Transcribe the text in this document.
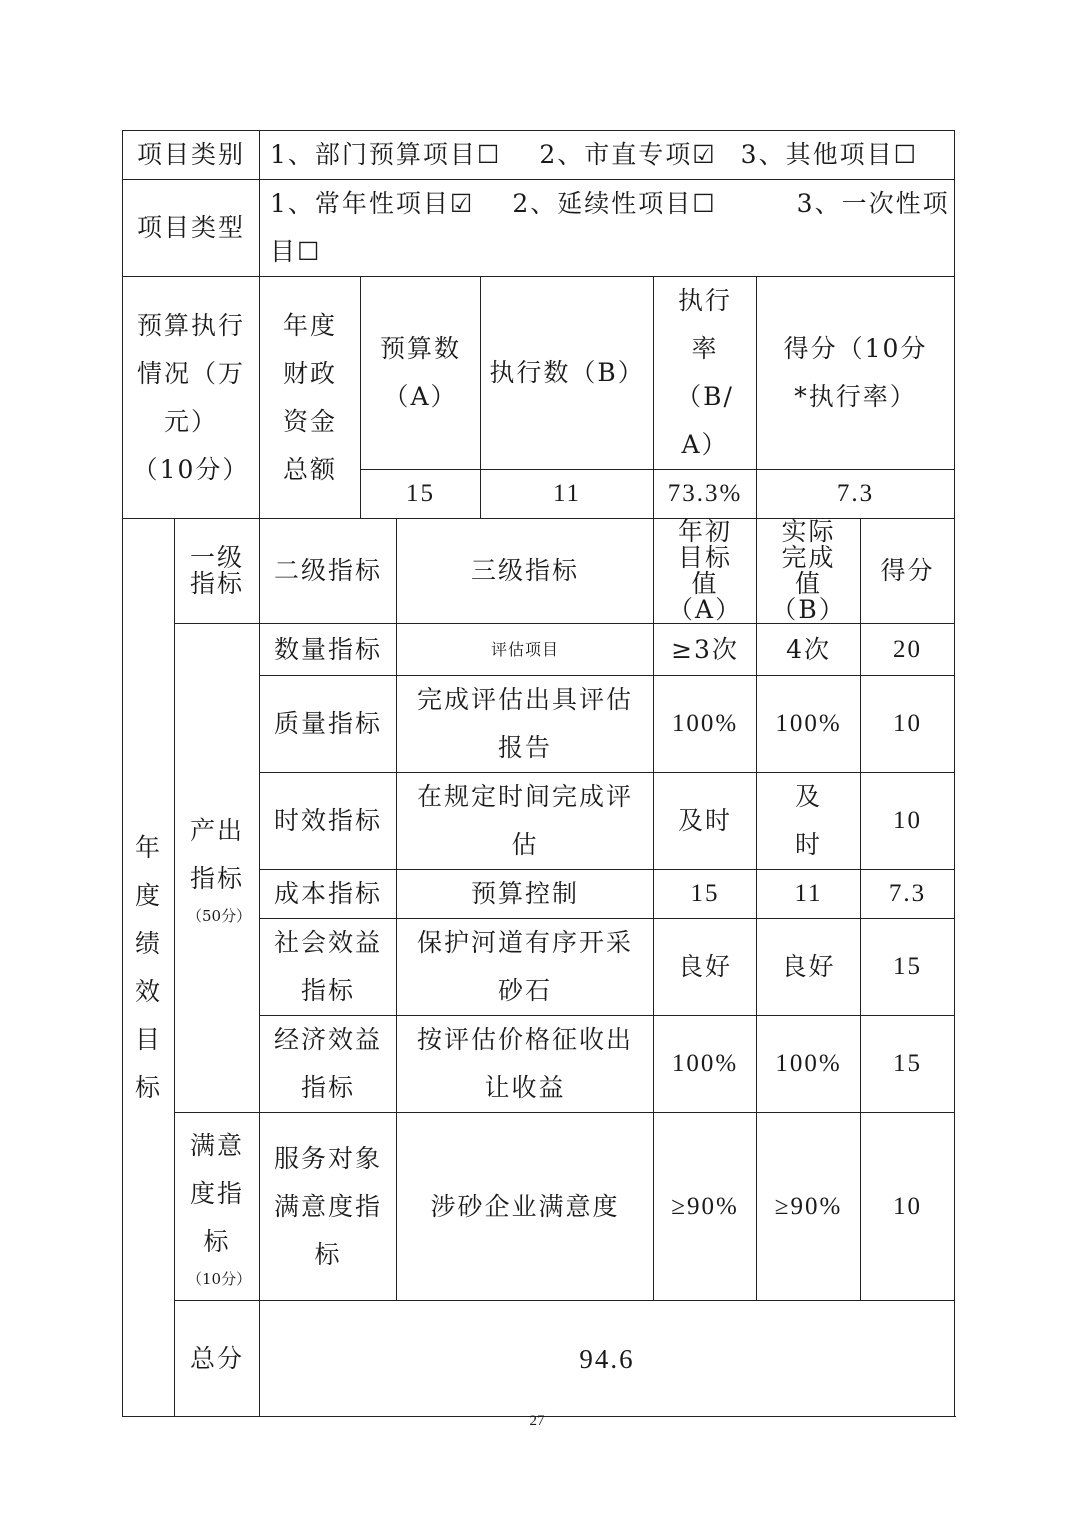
项目类别		1、部门预算项目☐ 2、市直专项☑ 3、其他项目☐						
项目类型		1、常年性项目☑ 2、延续性项目☐ 3、一次性项目☐						

预算执行
情况（万元）
（10分）		年度财政资金总额	预算数（A）		执行数（B）	执行率（B/A）	得分（10分*执行率）	
			15		11	73.3%	7.3	
年度绩效目标	一级指标	二级指标		三级指标		年初目标值（A）	实际完成值（B）	得分

	产出指标
（50分）	数量指标		评估项目		≥3次	4次	20
		质量指标		完成评估出具评估报告		100%	100%	10
		时效指标		在规定时间完成评估		及时	及时	10
		成本指标		预算控制		15	11	7.3
		社会效益指标		保护河道有序开采砂石		良好	良好	15
		经济效益指标		按评估价格征收出让收益		100%	100%	15

	满意度指标
（10分）	服务对象满意度指标		涉砂企业满意度		≥90%	≥90%	10
	总分	94.6						
27
